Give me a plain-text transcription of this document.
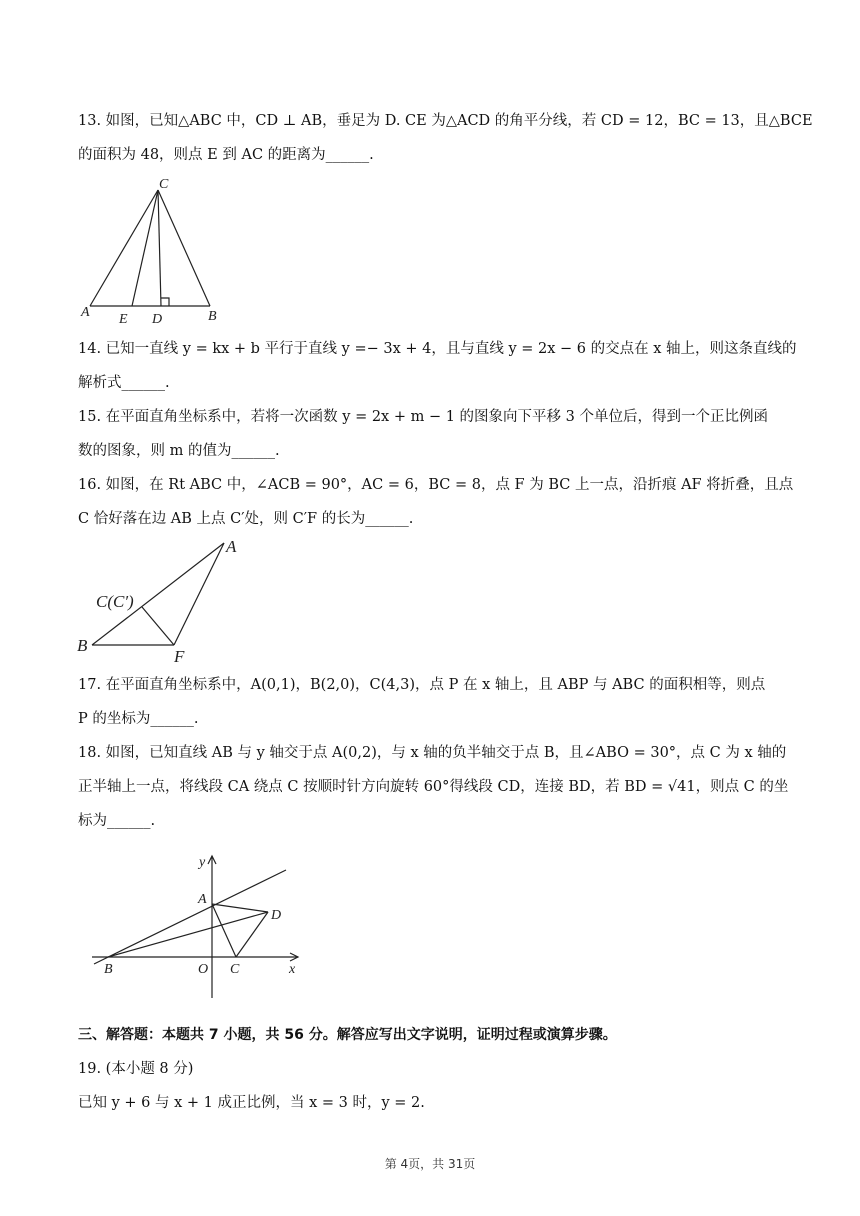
13. 如图，已知△ABC 中，CD ⊥ AB，垂足为 D. CE 为△ACD 的角平分线，若 CD = 12，BC = 13，且△BCE
的面积为 48，则点 E 到 AC 的距离为______.
A E D	B
C
14. 已知一直线 y = kx + b 平行于直线 y =− 3x + 4，且与直线 y = 2x − 6 的交点在 x 轴上，则这条直线的
解析式______.
15. 在平面直角坐标系中，若将一次函数 y = 2x + m − 1 的图象向下平移 3 个单位后，得到一个正比例函
数的图象，则 m 的值为______.
16. 如图，在 Rt ABC 中，∠ACB = 90°，AC = 6，BC = 8，点 F 为 BC 上一点，沿折痕 AF 将折叠，且点
C 恰好落在边 AB 上点 C′处，则 C′F 的长为______.
A
C(C′)
B
F
17. 在平面直角坐标系中，A(0,1)，B(2,0)，C(4,3)，点 P 在 x 轴上，且 ABP 与 ABC 的面积相等，则点
P 的坐标为______.
18. 如图，已知直线 AB 与 y 轴交于点 A(0,2)，与 x 轴的负半轴交于点 B，且∠ABO = 30°，点 C 为 x 轴的
正半轴上一点，将线段 CA 绕点 C 按顺时针方向旋转 60°得线段 CD，连接 BD，若 BD = √41，则点 C 的坐
标为______.
y
A
D
B	O C	x
三、解答题：本题共 7 小题，共 56 分。解答应写出文字说明，证明过程或演算步骤。
19. (本小题 8 分)
已知 y + 6 与 x + 1 成正比例，当 x = 3 时，y = 2.
第 4页，共 31页
